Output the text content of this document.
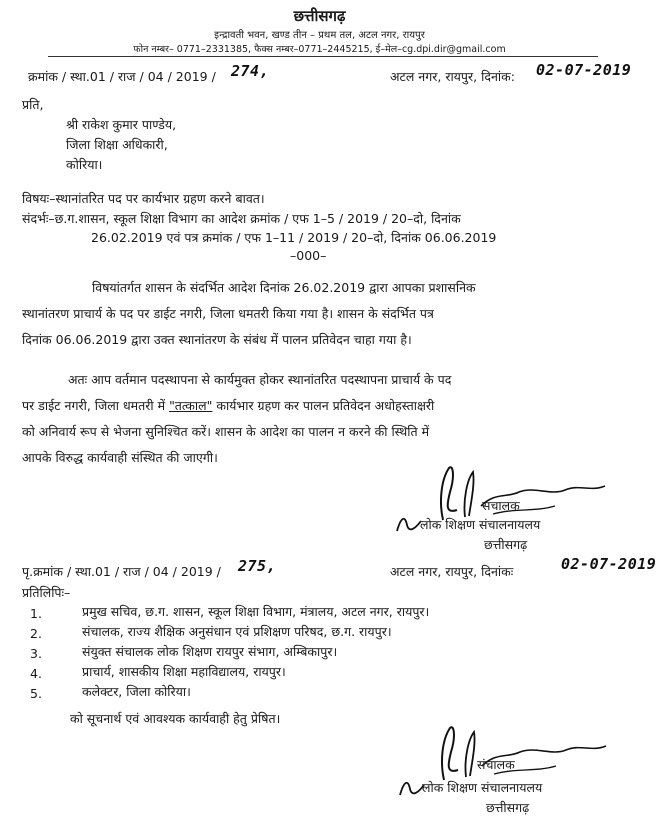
छत्तीसगढ़
इन्द्रावती भवन, खण्ड तीन – प्रथम तल, अटल नगर, रायपुर
फोन नम्बर– 0771–2331385, फैक्स नम्बर–0771–2445215, ई–मेल–cg.dpi.dir@gmail.com
क्रमांक / स्था.01 / राज / 04 / 2019 / 274,	अटल नगर, रायपुर, दिनांक: 02-07-2019
प्रति,
श्री राकेश कुमार पाण्डेय,
जिला शिक्षा अधिकारी,
कोरिया।
विषयः–स्थानांतरित पद पर कार्यभार ग्रहण करने बावत।
संदर्भः–छ.ग.शासन, स्कूल शिक्षा विभाग का आदेश क्रमांक / एफ 1–5 / 2019 / 20–दो, दिनांक
26.02.2019 एवं पत्र क्रमांक / एफ 1–11 / 2019 / 20–दो, दिनांक 06.06.2019
–000–
विषयांतर्गत शासन के संदर्भित आदेश दिनांक 26.02.2019 द्वारा आपका प्रशासनिक
स्थानांतरण प्राचार्य के पद पर डाईट नगरी, जिला धमतरी किया गया है। शासन के संदर्भित पत्र
दिनांक 06.06.2019 द्वारा उक्त स्थानांतरण के संबंध में पालन प्रतिवेदन चाहा गया है।
अतः आप वर्तमान पदस्थापना से कार्यमुक्त होकर स्थानांतरित पदस्थापना प्राचार्य के पद
पर डाईट नगरी, जिला धमतरी में "तत्काल" कार्यभार ग्रहण कर पालन प्रतिवेदन अधोहस्ताक्षरी
को अनिवार्य रूप से भेजना सुनिश्चित करें। शासन के आदेश का पालन न करने की स्थिति में
आपके विरुद्ध कार्यवाही संस्थित की जाएगी।
संचालक
लोक शिक्षण संचालनायलय
छत्तीसगढ़
पृ.क्रमांक / स्था.01 / राज / 04 / 2019 / 275,	अटल नगर, रायपुर, दिनांकः	02-07-2019
प्रतिलिपिः–
1.	प्रमुख सचिव, छ.ग. शासन, स्कूल शिक्षा विभाग, मंत्रालय, अटल नगर, रायपुर।
2.	संचालक, राज्य शैक्षिक अनुसंधान एवं प्रशिक्षण परिषद, छ.ग. रायपुर।
3.	संयुक्त संचालक लोक शिक्षण रायपुर संभाग, अम्बिकापुर।
4.	प्राचार्य, शासकीय शिक्षा महाविद्यालय, रायपुर।
5.	कलेक्टर, जिला कोरिया।
को सूचनार्थ एवं आवश्यक कार्यवाही हेतु प्रेषित।
संचालक
लोक शिक्षण संचालनायलय
छत्तीसगढ़
